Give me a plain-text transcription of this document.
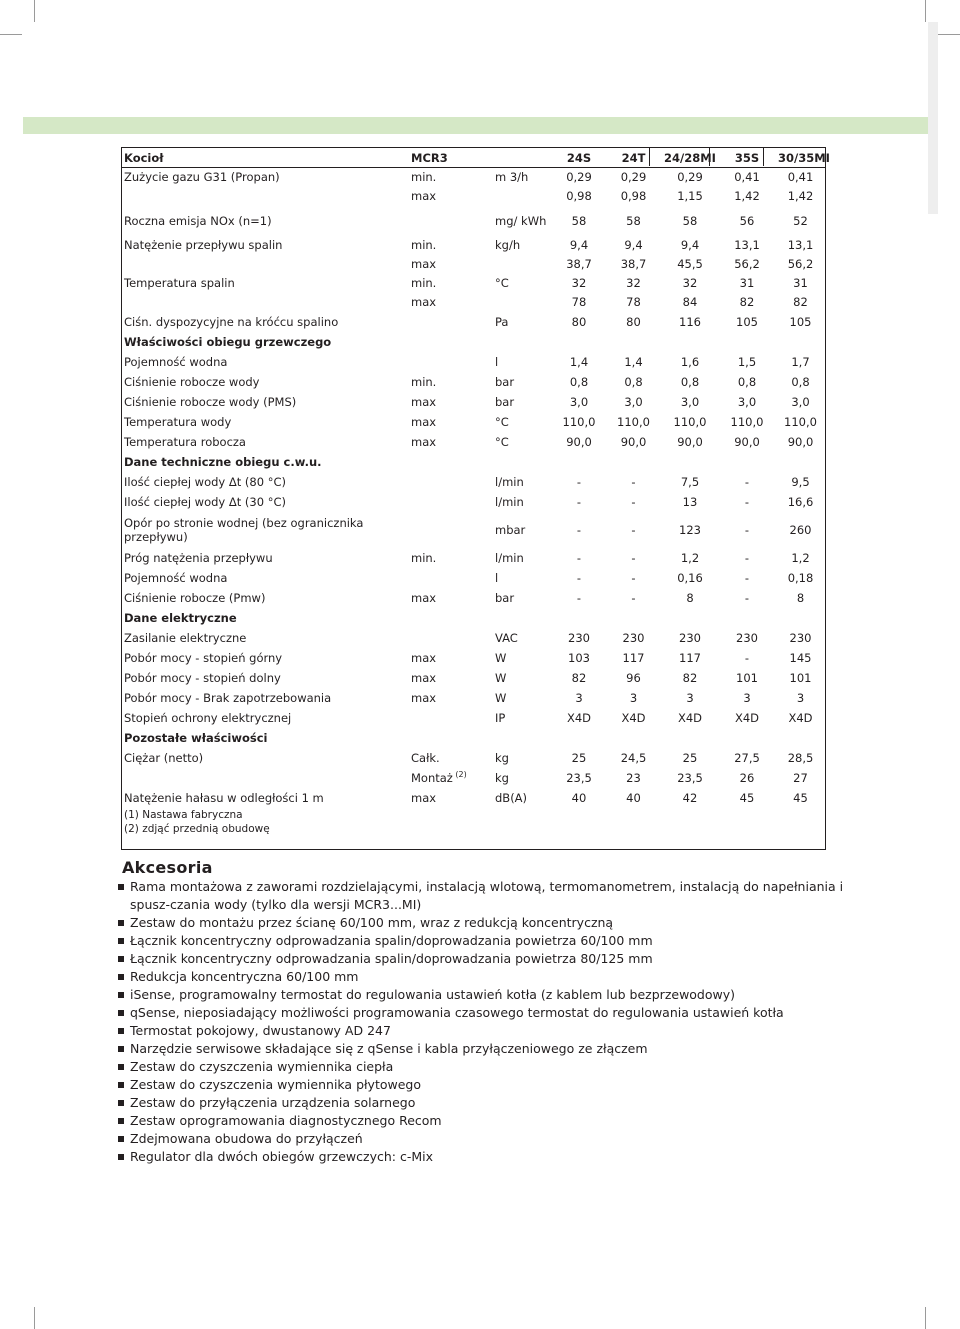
Kocioł	MCR3		24S	24T	24/28MI	35S	30/35MI
Zużycie gazu G31 (Propan)	min.	m 3/h	0,29	0,29	0,29	0,41	0,41
	max		0,98	0,98	1,15	1,42	1,42
Roczna emisja NOx (n=1)		mg/ kWh	58	58	58	56	52
Natężenie przepływu spalin	min.	kg/h	9,4	9,4	9,4	13,1	13,1
	max		38,7	38,7	45,5	56,2	56,2
Temperatura spalin	min.	°C	32	32	32	31	31
	max		78	78	84	82	82
Ciśn. dyspozycyjne na króćcu spalino		Pa	80	80	116	105	105
Właściwości obiegu grzewczego							
Pojemność wodna		l	1,4	1,4	1,6	1,5	1,7
Ciśnienie robocze wody	min.	bar	0,8	0,8	0,8	0,8	0,8
Ciśnienie robocze wody (PMS)	max	bar	3,0	3,0	3,0	3,0	3,0
Temperatura wody	max	°C	110,0	110,0	110,0	110,0	110,0
Temperatura robocza	max	°C	90,0	90,0	90,0	90,0	90,0
Dane techniczne obiegu c.w.u.							
Ilość ciepłej wody Δt (80 °C)		l/min	-	-	7,5	-	9,5
Ilość ciepłej wody Δt (30 °C)		l/min	-	-	13	-	16,6
Opór po stronie wodnej (bez ogranicznika przepływu)		mbar	-	-	123	-	260
Próg natężenia przepływu	min.	l/min	-	-	1,2	-	1,2
Pojemność wodna		l	-	-	0,16	-	0,18
Ciśnienie robocze (Pmw)	max	bar	-	-	8	-	8
Dane elektryczne							
Zasilanie elektryczne		VAC	230	230	230	230	230
Pobór mocy - stopień górny	max	W	103	117	117	-	145
Pobór mocy - stopień dolny	max	W	82	96	82	101	101
Pobór mocy - Brak zapotrzebowania	max	W	3	3	3	3	3
Stopień ochrony elektrycznej		IP	X4D	X4D	X4D	X4D	X4D
Pozostałe właściwości							
Ciężar (netto)	Całk.	kg	25	24,5	25	27,5	28,5
	Montaż $^{(2)}$	kg	23,5	23	23,5	26	27
Natężenie hałasu w odległości 1 m	max	dB(A)	40	40	42	45	45
(1) Nastawa fabryczna							
(2) zdjąć przednią obudowę							
Akcesoria
Rama montażowa z zaworami rozdzielającymi, instalacją wlotową, termomanometrem, instalacją do napełniania i spusz-czania wody (tylko dla wersji MCR3...MI)
Zestaw do montażu przez ścianę 60/100 mm, wraz z redukcją koncentryczną
Łącznik koncentryczny odprowadzania spalin/doprowadzania powietrza 60/100 mm
Łącznik koncentryczny odprowadzania spalin/doprowadzania powietrza 80/125 mm
Redukcja koncentryczna 60/100 mm
iSense, programowalny termostat do regulowania ustawień kotła (z kablem lub bezprzewodowy)
qSense, nieposiadający możliwości programowania czasowego termostat do regulowania ustawień kotła
Termostat pokojowy, dwustanowy AD 247
Narzędzie serwisowe składające się z qSense i kabla przyłączeniowego ze złączem
Zestaw do czyszczenia wymiennika ciepła
Zestaw do czyszczenia wymiennika płytowego
Zestaw do przyłączenia urządzenia solarnego
Zestaw oprogramowania diagnostycznego Recom
Zdejmowana obudowa do przyłączeń
Regulator dla dwóch obiegów grzewczych: c-Mix
